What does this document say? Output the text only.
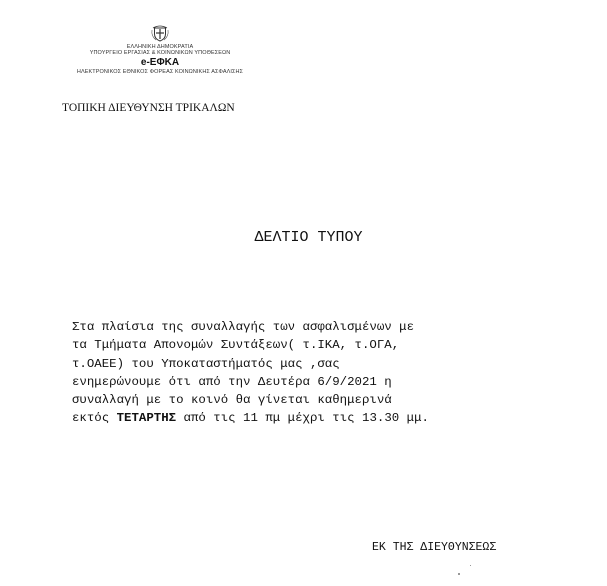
ΕΛΛΗΝΙΚΗ ΔΗΜΟΚΡΑΤΙΑ
ΥΠΟΥΡΓΕΙΟ ΕΡΓΑΣΙΑΣ & ΚΟΙΝΩΝΙΚΩΝ ΥΠΟΘΕΣΕΩΝ
e-ΕΦΚΑ
ΗΛΕΚΤΡΟΝΙΚΟΣ ΕΘΝΙΚΟΣ ΦΟΡΕΑΣ ΚΟΙΝΩΝΙΚΗΣ ΑΣΦΑΛΙΣΗΣ
ΤΟΠΙΚΗ ΔΙΕΥΘΥΝΣΗ ΤΡΙΚΑΛΩΝ
ΔΕΛΤΙΟ ΤΥΠΟΥ
Στα πλαίσια της συναλλαγής των ασφαλισμένων με
τα Τμήματα Απονομών Συντάξεων( τ.ΙΚΑ, τ.ΟΓΑ,
τ.ΟΑΕΕ) του Υποκαταστήματός μας ,σας
ενημερώνουμε ότι από την Δευτέρα 6/9/2021 η
συναλλαγή με το κοινό θα γίνεται καθημερινά
εκτός ΤΕΤΑΡΤΗΣ από τις 11 πμ μέχρι τις 13.30 μμ.
ΕΚ ΤΗΣ ΔΙΕΥΘΥΝΣΕΩΣ
